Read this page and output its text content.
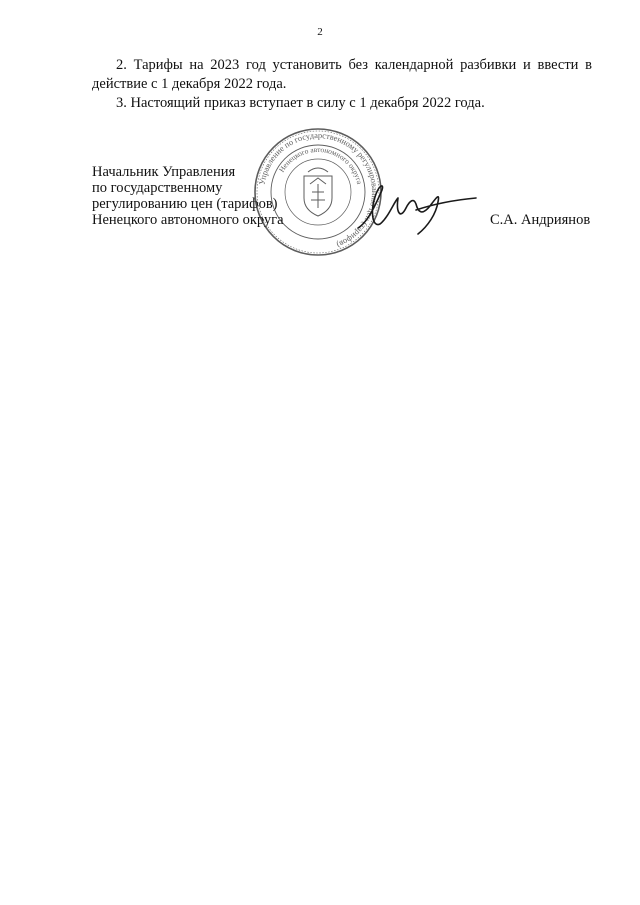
2

2. Тарифы на 2023 год установить без календарной разбивки и ввести в действие с 1 декабря 2022 года.

3. Настоящий приказ вступает в силу с 1 декабря 2022 года.

Начальник Управления
по государственному
регулированию цен (тарифов)
Ненецкого автономного округа
Управление по государственному регулированию цен (тарифов)
Ненецкого автономного округа
С.А. Андриянов
